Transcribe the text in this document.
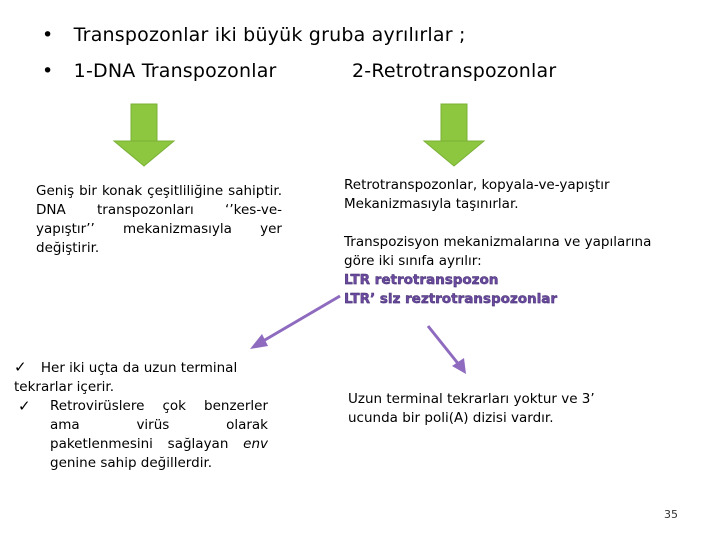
• Transpozonlar iki büyük gruba ayrılırlar ;
• 1-DNA Transpozonlar	2-Retrotranspozonlar
Geniş bir konak çeşitliliğine sahiptir. DNA transpozonları ‘’kes-ve-yapıştır’’ mekanizmasıyla yer değiştirir.
✓ Her iki uçta da uzun terminal tekrarlar içerir.
✓ Retrovirüslere çok benzerler ama virüs olarak paketlenmesini sağlayan env genine sahip değillerdir.
Retrotranspozonlar, kopyala-ve-yapıştır
Mekanizmasıyla taşınırlar.
Transpozisyon mekanizmalarına ve yapılarına
göre iki sınıfa ayrılır:
LTR retrotranspozon
LTR’ siz reztrotranspozonlar
Uzun terminal tekrarları yoktur ve 3’ ucunda bir poli(A) dizisi vardır.
35
